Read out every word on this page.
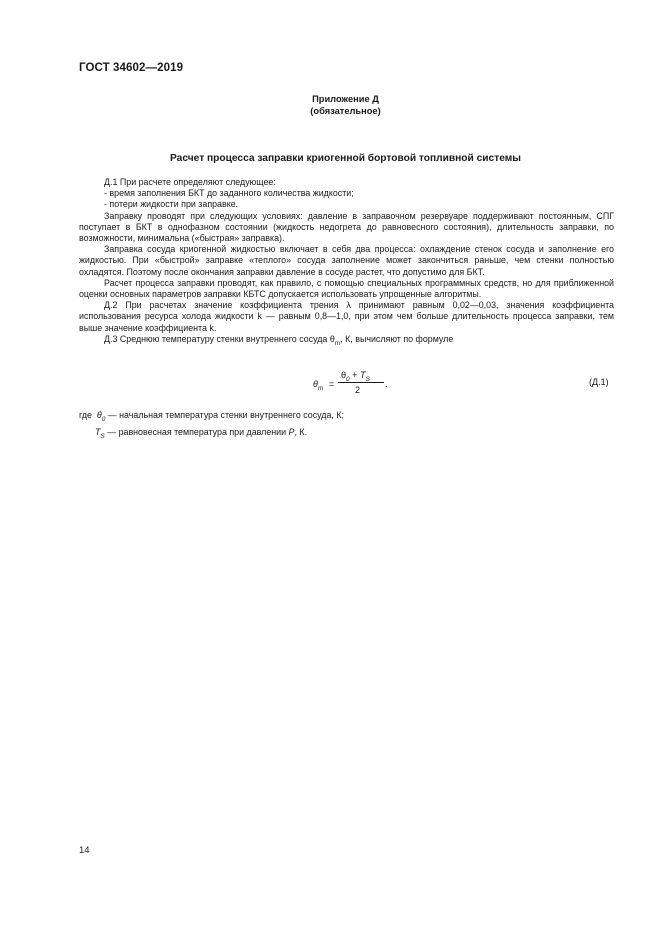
ГОСТ 34602—2019
Приложение Д
(обязательное)
Расчет процесса заправки криогенной бортовой топливной системы

Д.1 При расчете определяют следующее:

- время заполнения БКТ до заданного количества жидкости;

- потери жидкости при заправке.

Заправку проводят при следующих условиях: давление в заправочном резервуаре поддерживают постоянным, СПГ поступает в БКТ в однофазном состоянии (жидкость недогрета до равновесного состояния), длительность заправки, по возможности, минимальна («быстрая» заправка).

Заправка сосуда криогенной жидкостью включает в себя два процесса: охлаждение стенок сосуда и заполнение его жидкостью. При «быстрой» заправке «теплого» сосуда заполнение может закончиться раньше, чем стенки полностью охладятся. Поэтому после окончания заправки давление в сосуде растет, что допустимо для БКТ.

Расчет процесса заправки проводят, как правило, с помощью специальных программных средств, но для приближенной оценки основных параметров заправки КБТС допускается использовать упрощенные алгоритмы.

Д.2 При расчетах значение коэффициента трения λ принимают равным 0,02—0,03, значения коэффициента использования ресурса холода жидкости k — равным 0,8—1,0, при этом чем больше длительность процесса заправки, тем выше значение коэффициента k.

Д.3 Среднюю температуру стенки внутреннего сосуда $\theta_m$, К, вычисляют по формуле

$\theta_m$ =
$\theta_0 + T_S$
2
.	(Д.1)
где $\theta_0$ — начальная температура стенки внутреннего сосуда, К;
$T_S$ — равновесная температура при давлении P, К.
14
